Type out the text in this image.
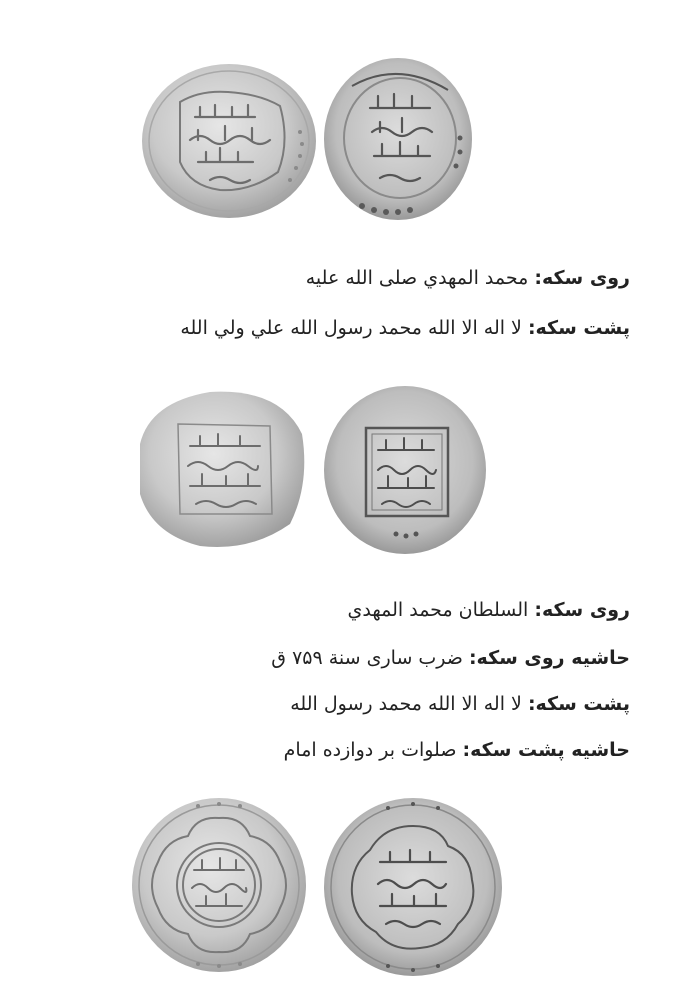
روی سکه: محمد المهدي صلى الله عليه
پشت سکه: لا اله الا الله محمد رسول الله علي ولي الله
روی سکه: السلطان محمد المهدي
حاشیه روی سکه: ضرب ساری سنة ۷۵۹ ق
پشت سکه: لا اله الا الله محمد رسول الله
حاشیه پشت سکه: صلوات بر دوازده امام
